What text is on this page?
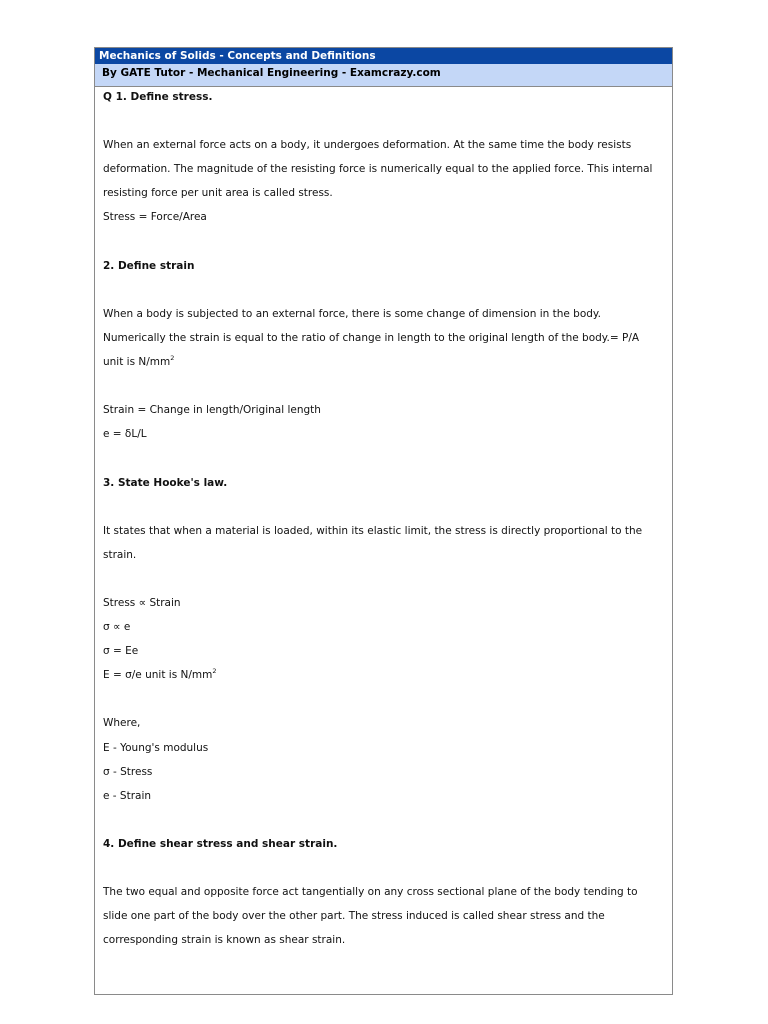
Mechanics of Solids - Concepts and Definitions
By GATE Tutor - Mechanical Engineering - Examcrazy.com
Q 1. Define stress.
When an external force acts on a body, it undergoes deformation. At the same time the body resists
deformation. The magnitude of the resisting force is numerically equal to the applied force. This internal
resisting force per unit area is called stress.
Stress = Force/Area
2. Define strain
When a body is subjected to an external force, there is some change of dimension in the body.
Numerically the strain is equal to the ratio of change in length to the original length of the body.= P/A
unit is $N/mm^2$
Strain = Change in length/Original length
e = δL/L
3. State Hooke's law.
It states that when a material is loaded, within its elastic limit, the stress is directly proportional to the
strain.
Stress ∝ Strain
σ ∝ e
σ = Ee
E = σ/e unit is $N/mm^2$
Where,
E - Young's modulus
σ - Stress
e - Strain
4. Define shear stress and shear strain.
The two equal and opposite force act tangentially on any cross sectional plane of the body tending to
slide one part of the body over the other part. The stress induced is called shear stress and the
corresponding strain is known as shear strain.
